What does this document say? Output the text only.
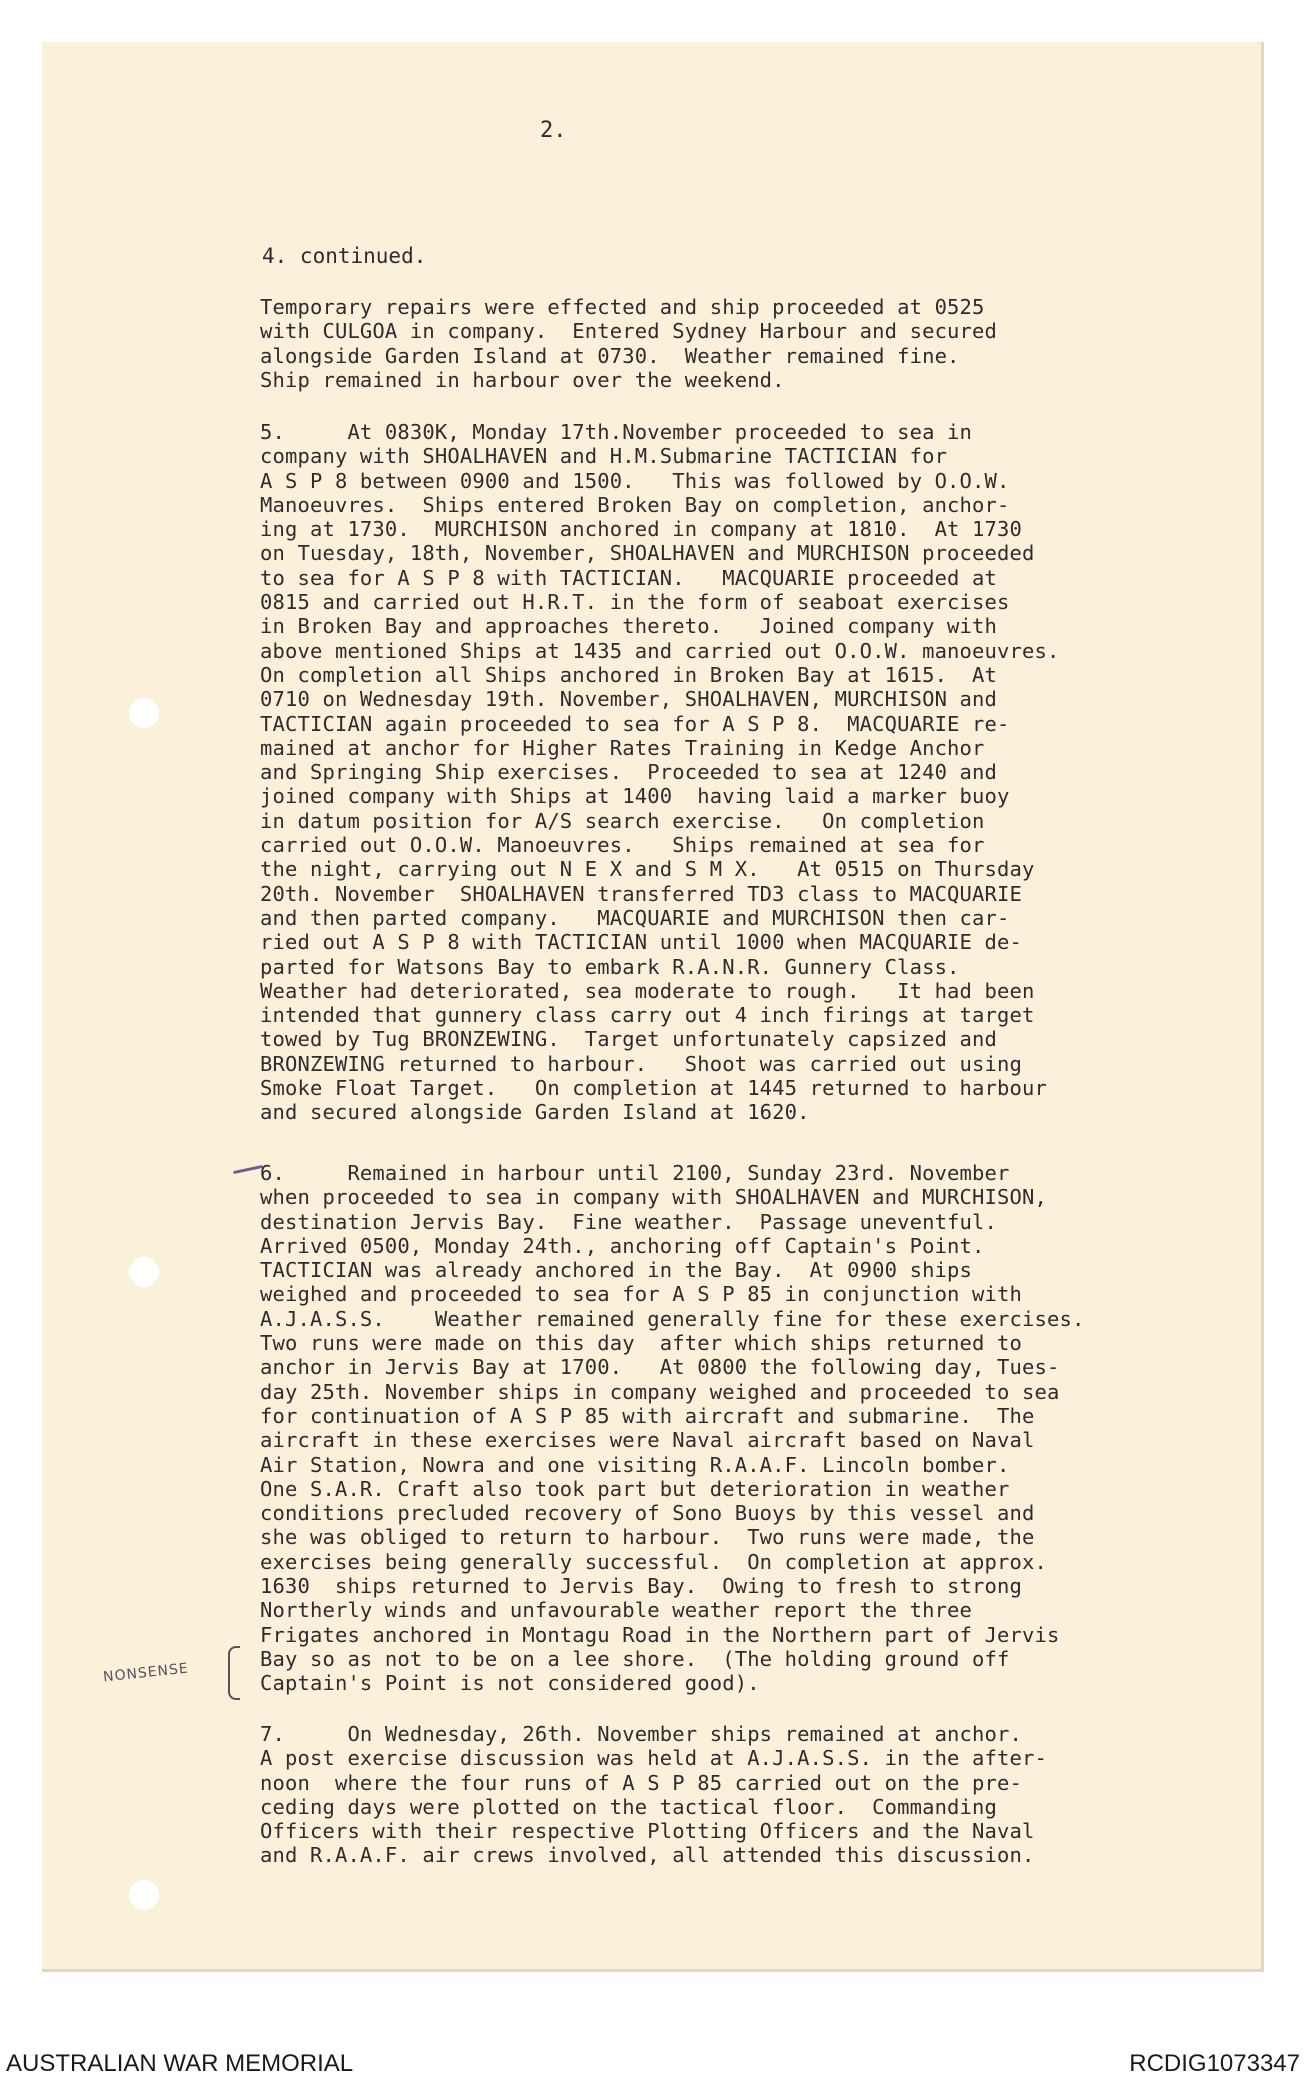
2.
4. continued.
Temporary repairs were effected and ship proceeded at 0525
with CULGOA in company.  Entered Sydney Harbour and secured
alongside Garden Island at 0730.  Weather remained fine.
Ship remained in harbour over the weekend.
5.     At 0830K, Monday 17th.November proceeded to sea in
company with SHOALHAVEN and H.M.Submarine TACTICIAN for
A S P 8 between 0900 and 1500.   This was followed by O.O.W.
Manoeuvres.  Ships entered Broken Bay on completion, anchor-
ing at 1730.  MURCHISON anchored in company at 1810.  At 1730
on Tuesday, 18th, November, SHOALHAVEN and MURCHISON proceeded
to sea for A S P 8 with TACTICIAN.   MACQUARIE proceeded at
0815 and carried out H.R.T. in the form of seaboat exercises
in Broken Bay and approaches thereto.   Joined company with
above mentioned Ships at 1435 and carried out O.O.W. manoeuvres.
On completion all Ships anchored in Broken Bay at 1615.  At
0710 on Wednesday 19th. November, SHOALHAVEN, MURCHISON and
TACTICIAN again proceeded to sea for A S P 8.  MACQUARIE re-
mained at anchor for Higher Rates Training in Kedge Anchor
and Springing Ship exercises.  Proceeded to sea at 1240 and
joined company with Ships at 1400  having laid a marker buoy
in datum position for A/S search exercise.   On completion
carried out O.O.W. Manoeuvres.   Ships remained at sea for
the night, carrying out N E X and S M X.   At 0515 on Thursday
20th. November  SHOALHAVEN transferred TD3 class to MACQUARIE
and then parted company.   MACQUARIE and MURCHISON then car-
ried out A S P 8 with TACTICIAN until 1000 when MACQUARIE de-
parted for Watsons Bay to embark R.A.N.R. Gunnery Class.
Weather had deteriorated, sea moderate to rough.   It had been
intended that gunnery class carry out 4 inch firings at target
towed by Tug BRONZEWING.  Target unfortunately capsized and
BRONZEWING returned to harbour.   Shoot was carried out using
Smoke Float Target.   On completion at 1445 returned to harbour
and secured alongside Garden Island at 1620.
6.     Remained in harbour until 2100, Sunday 23rd. November
when proceeded to sea in company with SHOALHAVEN and MURCHISON,
destination Jervis Bay.  Fine weather.  Passage uneventful.
Arrived 0500, Monday 24th., anchoring off Captain's Point.
TACTICIAN was already anchored in the Bay.  At 0900 ships
weighed and proceeded to sea for A S P 85 in conjunction with
A.J.A.S.S.    Weather remained generally fine for these exercises.
Two runs were made on this day  after which ships returned to
anchor in Jervis Bay at 1700.   At 0800 the following day, Tues-
day 25th. November ships in company weighed and proceeded to sea
for continuation of A S P 85 with aircraft and submarine.  The
aircraft in these exercises were Naval aircraft based on Naval
Air Station, Nowra and one visiting R.A.A.F. Lincoln bomber.
One S.A.R. Craft also took part but deterioration in weather
conditions precluded recovery of Sono Buoys by this vessel and
she was obliged to return to harbour.  Two runs were made, the
exercises being generally successful.  On completion at approx.
1630  ships returned to Jervis Bay.  Owing to fresh to strong
Northerly winds and unfavourable weather report the three
Frigates anchored in Montagu Road in the Northern part of Jervis
Bay so as not to be on a lee shore.  (The holding ground off
Captain's Point is not considered good).
7.     On Wednesday, 26th. November ships remained at anchor.
A post exercise discussion was held at A.J.A.S.S. in the after-
noon  where the four runs of A S P 85 carried out on the pre-
ceding days were plotted on the tactical floor.  Commanding
Officers with their respective Plotting Officers and the Naval
and R.A.A.F. air crews involved, all attended this discussion.
NONSENSE
AUSTRALIAN WAR MEMORIAL	RCDIG1073347
